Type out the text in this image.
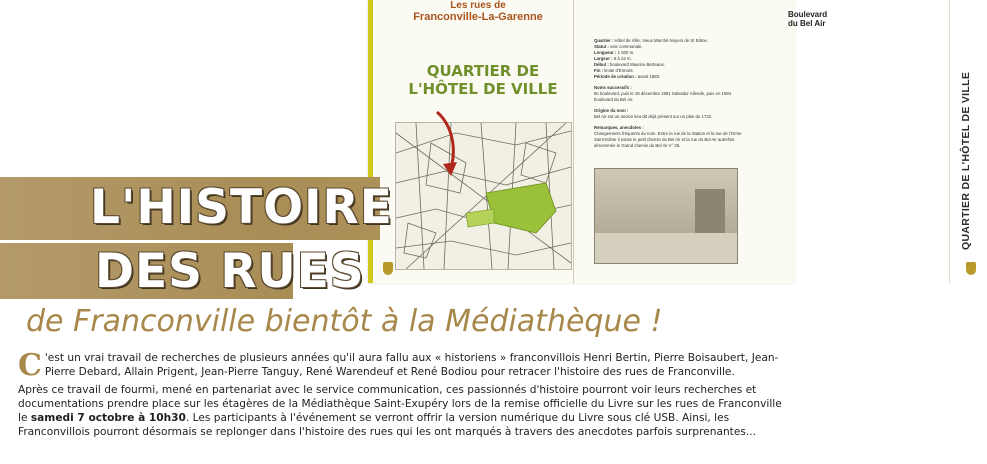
Les rues de
Franconville-La-Garenne
QUARTIER DE
L'HÔTEL DE VILLE
Boulevard du Bel Air
QUARTIER DE L'HÔTEL DE VILLE

Quartier : Hôtel de Ville, Vieux Marché Noyers de St Edme.

Statut : voie communale.

Longueur : 1 500 m.

Largeur : 8 à 22 m.

Début : boulevard Maurice Berteaux.

Fin : limite d'Ermont.

Période de création : avant 1983.

Noms successifs :
8e boulevard, puis le 18 décembre 1981 Salvador Allende, puis en 1984 boulevard du Bel Air.

Origine du nom :
Bel Air est un ancien lieu-dit déjà présent sur un plan de 1732.

Remarques, anecdotes :
Changements fréquents du nom. Entre la rue de la Station et la rue de l'Orme Saint-Edme il existe le petit chemin du Bel Air et la rue du Bel Air autrefois dénommée le Grand chemin du Bel Air n° 35.

L'HISTOIRE
DES RUES
de Franconville bientôt à la Médiathèque !

C 'est un vrai travail de recherches de plusieurs années qu'il aura fallu aux « historiens » franconvillois Henri Bertin, Pierre Boisaubert, Jean-Pierre Debard, Allain Prigent, Jean-Pierre Tanguy, René Warendeuf et René Bodiou pour retracer l'histoire des rues de Franconville.

Après ce travail de fourmi, mené en partenariat avec le service communication, ces passionnés d'histoire pourront voir leurs recherches et documentations prendre place sur les étagères de la Médiathèque Saint-Exupéry lors de la remise officielle du Livre sur les rues de Franconville le samedi 7 octobre à 10h30. Les participants à l'événement se verront offrir la version numérique du Livre sous clé USB. Ainsi, les Franconvillois pourront désormais se replonger dans l'histoire des rues qui les ont marqués à travers des anecdotes parfois surprenantes...
